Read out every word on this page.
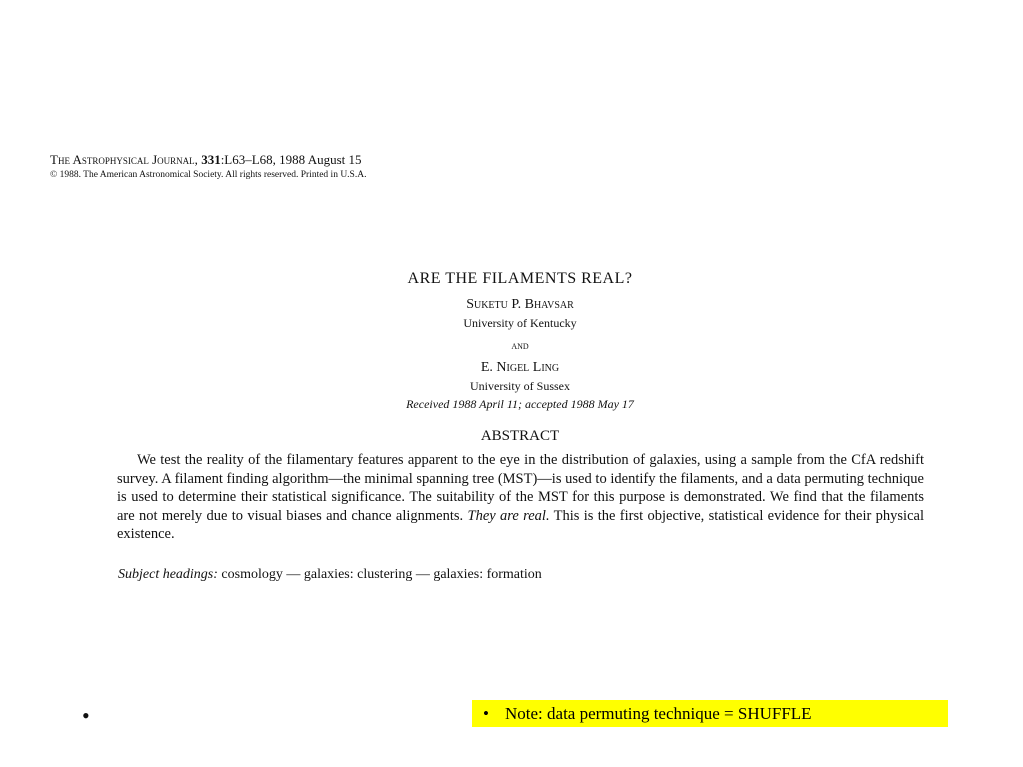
The Astrophysical Journal, 331:L63–L68, 1988 August 15
© 1988. The American Astronomical Society. All rights reserved. Printed in U.S.A.
ARE THE FILAMENTS REAL?
Suketu P. Bhavsar
University of Kentucky
and
E. Nigel Ling
University of Sussex
Received 1988 April 11; accepted 1988 May 17
ABSTRACT
We test the reality of the filamentary features apparent to the eye in the distribution of galaxies, using a sample from the CfA redshift survey. A filament finding algorithm—the minimal spanning tree (MST)—is used to identify the filaments, and a data permuting technique is used to determine their statistical significance. The suitability of the MST for this purpose is demonstrated. We find that the filaments are not merely due to visual biases and chance alignments. They are real. This is the first objective, statistical evidence for their physical existence.
Subject headings: cosmology — galaxies: clustering — galaxies: formation
•	• Note: data permuting technique = SHUFFLE
